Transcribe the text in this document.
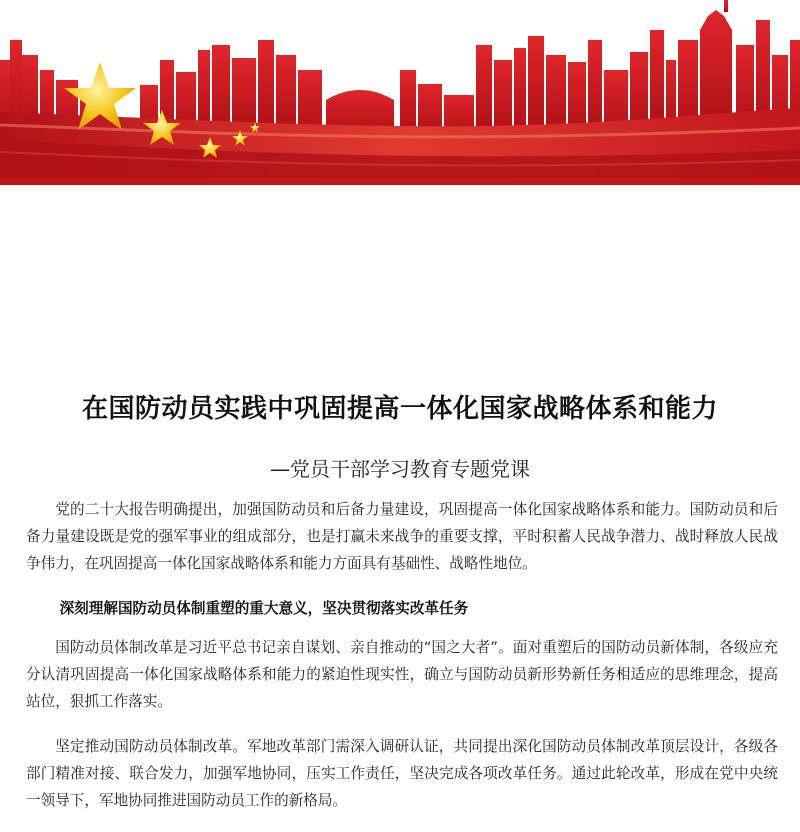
在国防动员实践中巩固提高一体化国家战略体系和能力

—党员干部学习教育专题党课

党的二十大报告明确提出，加强国防动员和后备力量建设，巩固提高一体化国家战略体系和能力。国防动员和后备力量建设既是党的强军事业的组成部分，也是打赢未来战争的重要支撑，平时积蓄人民战争潜力、战时释放人民战争伟力，在巩固提高一体化国家战略体系和能力方面具有基础性、战略性地位。

深刻理解国防动员体制重塑的重大意义，坚决贯彻落实改革任务

国防动员体制改革是习近平总书记亲自谋划、亲自推动的“国之大者”。面对重塑后的国防动员新体制，各级应充分认清巩固提高一体化国家战略体系和能力的紧迫性现实性，确立与国防动员新形势新任务相适应的思维理念，提高站位，狠抓工作落实。

坚定推动国防动员体制改革。军地改革部门需深入调研认证，共同提出深化国防动员体制改革顶层设计，各级各部门精准对接、联合发力，加强军地协同，压实工作责任，坚决完成各项改革任务。通过此轮改革，形成在党中央统一领导下，军地协同推进国防动员工作的新格局。
